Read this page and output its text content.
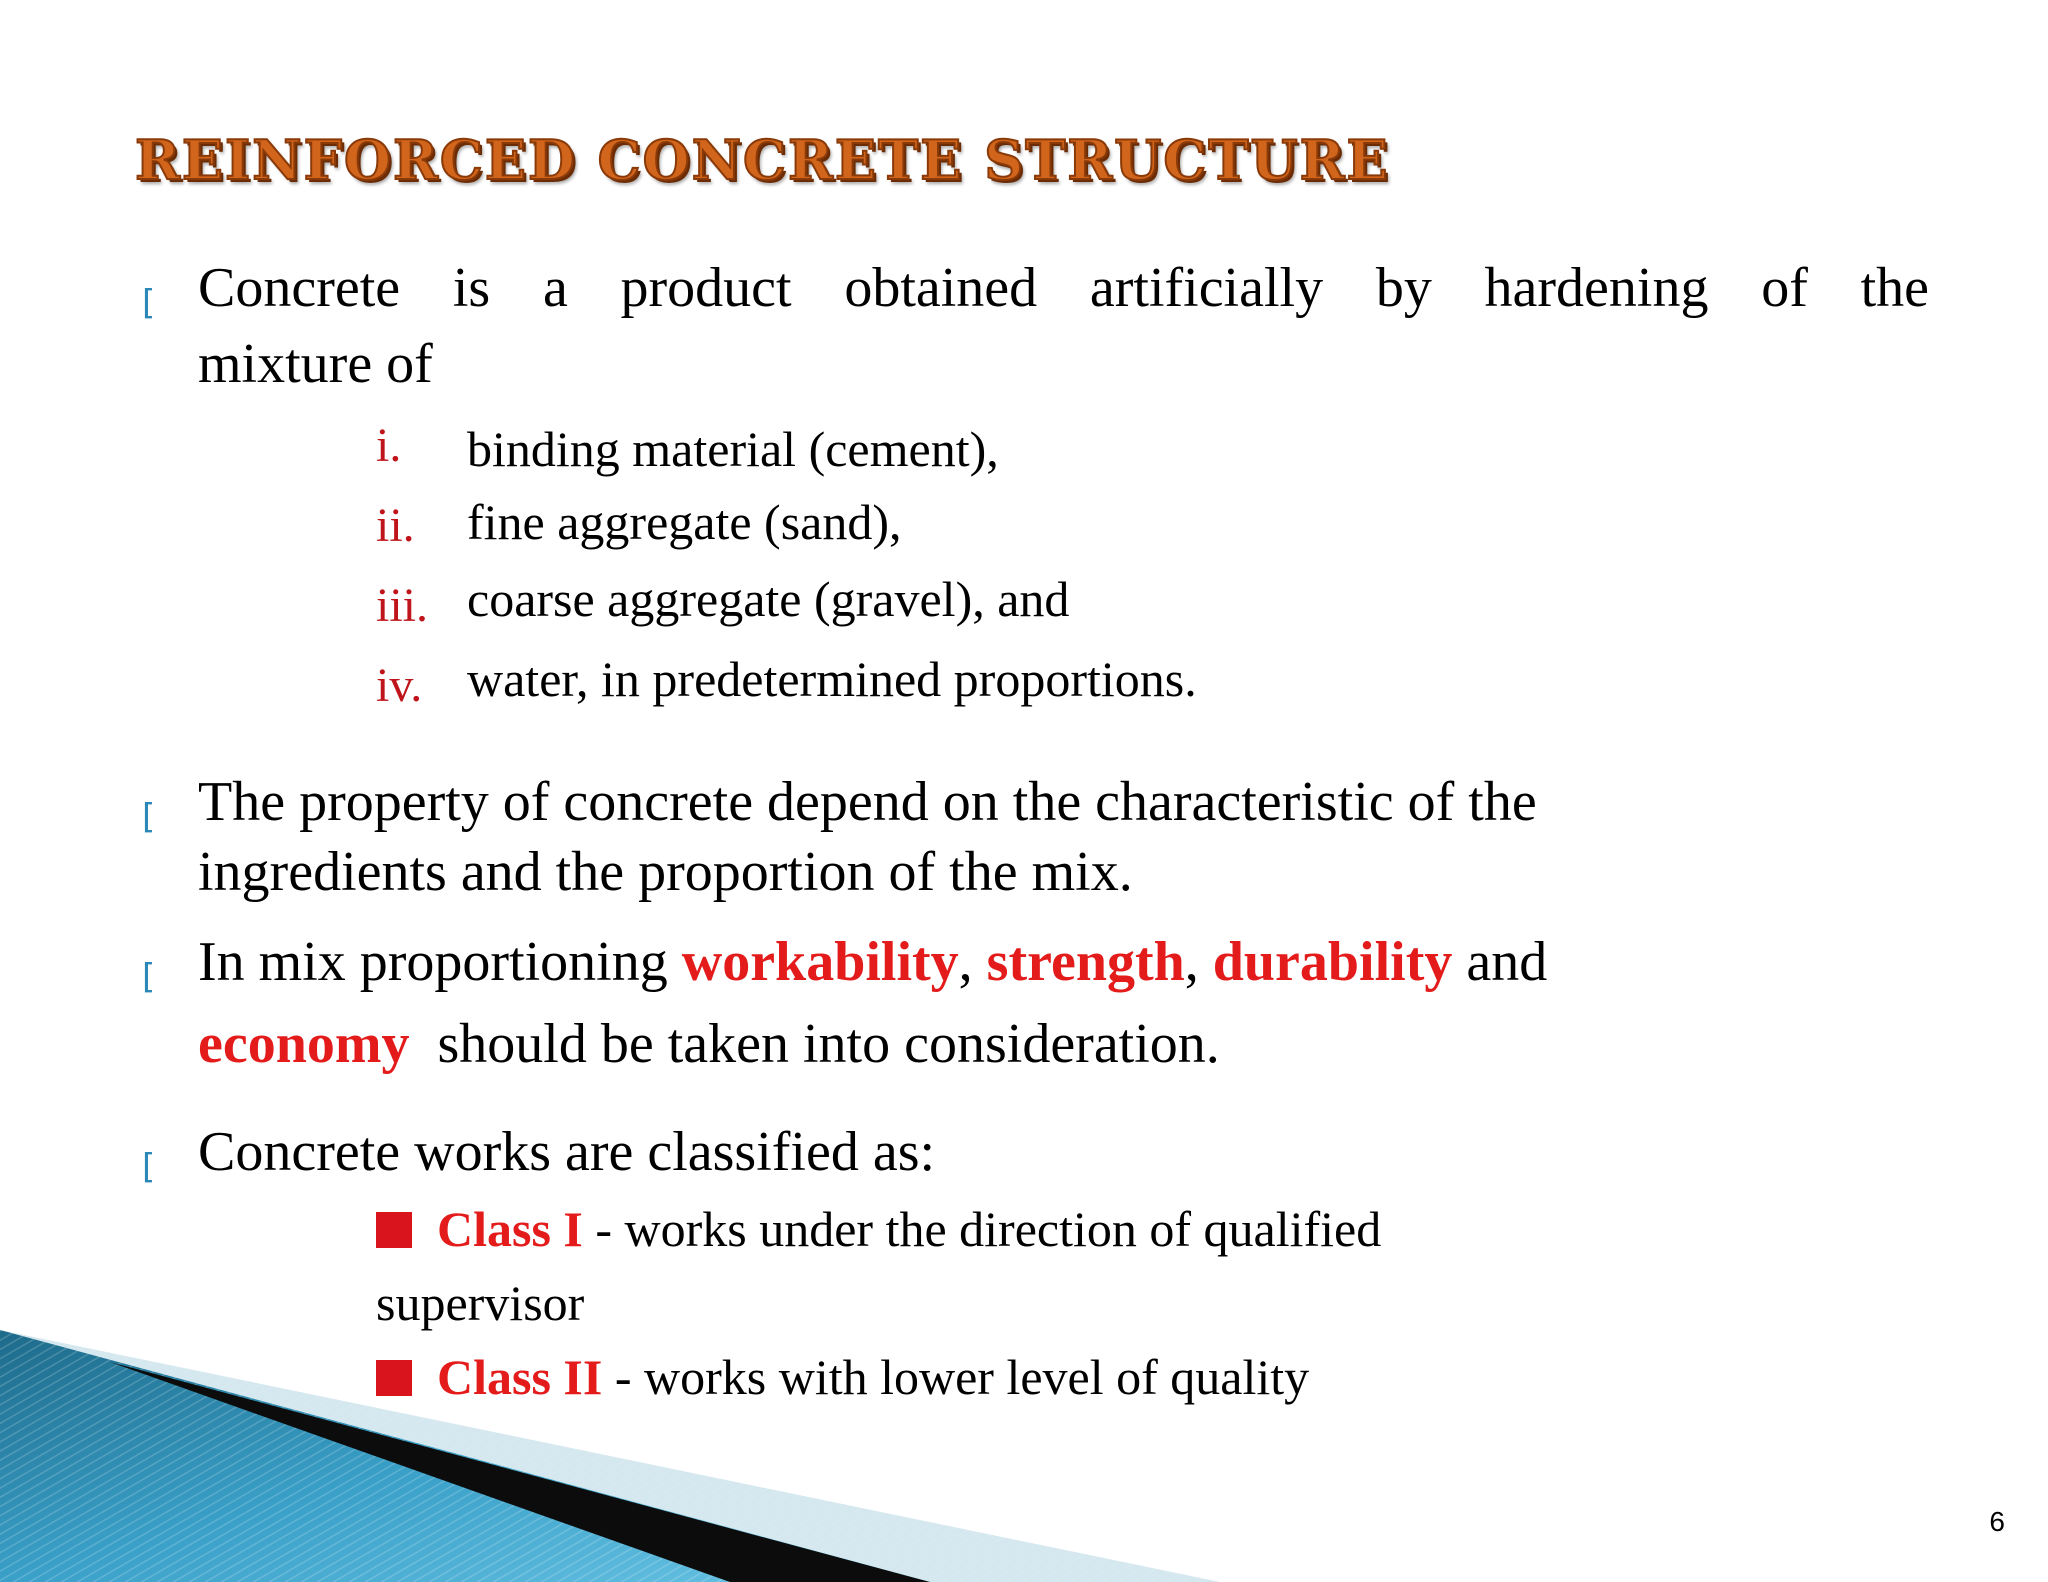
REINFORCED CONCRETE STRUCTURE
[ Concrete is a product obtained artificially by hardening of the
mixture of
i. binding material (cement),
ii. fine aggregate (sand),
iii. coarse aggregate (gravel), and
iv. water, in predetermined proportions.
[ The property of concrete depend on the characteristic of the
ingredients and the proportion of the mix.
[ In mix proportioning workability, strength, durability and
economy should be taken into consideration.
[ Concrete works are classified as:
Class I - works under the direction of qualified
supervisor
Class II - works with lower level of quality
6
